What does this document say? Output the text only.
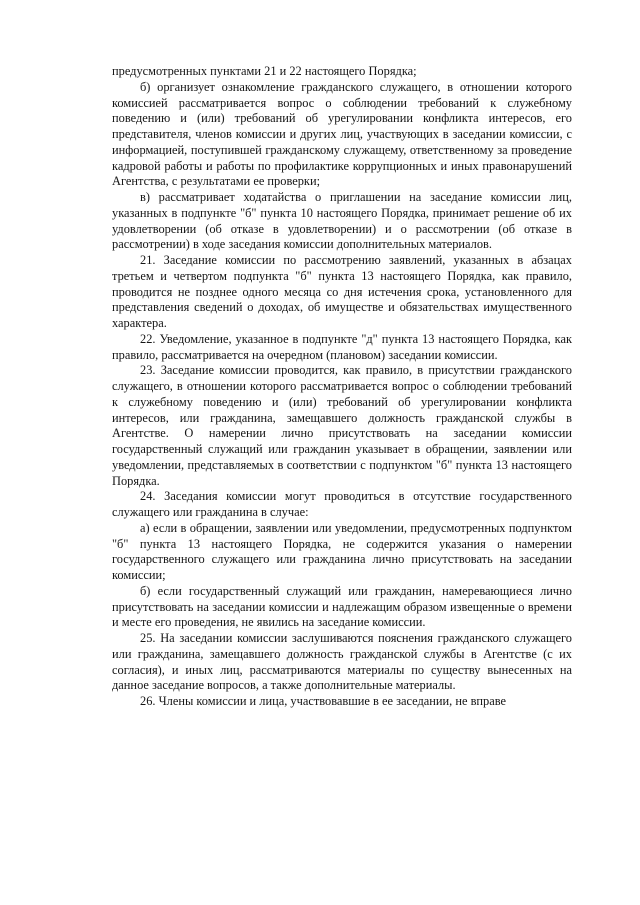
предусмотренных пунктами 21 и 22 настоящего Порядка;

б) организует ознакомление гражданского служащего, в отношении которого комиссией рассматривается вопрос о соблюдении требований к служебному поведению и (или) требований об урегулировании конфликта интересов, его представителя, членов комиссии и других лиц, участвующих в заседании комиссии, с информацией, поступившей гражданскому служащему, ответственному за проведение кадровой работы и работы по профилактике коррупционных и иных правонарушений Агентства, с результатами ее проверки;

в) рассматривает ходатайства о приглашении на заседание комиссии лиц, указанных в подпункте "б" пункта 10 настоящего Порядка, принимает решение об их удовлетворении (об отказе в удовлетворении) и о рассмотрении (об отказе в рассмотрении) в ходе заседания комиссии дополнительных материалов.

21. Заседание комиссии по рассмотрению заявлений, указанных в абзацах третьем и четвертом подпункта "б" пункта 13 настоящего Порядка, как правило, проводится не позднее одного месяца со дня истечения срока, установленного для представления сведений о доходах, об имуществе и обязательствах имущественного характера.

22. Уведомление, указанное в подпункте "д" пункта 13 настоящего Порядка, как правило, рассматривается на очередном (плановом) заседании комиссии.

23. Заседание комиссии проводится, как правило, в присутствии гражданского служащего, в отношении которого рассматривается вопрос о соблюдении требований к служебному поведению и (или) требований об урегулировании конфликта интересов, или гражданина, замещавшего должность гражданской службы в Агентстве. О намерении лично присутствовать на заседании комиссии государственный служащий или гражданин указывает в обращении, заявлении или уведомлении, представляемых в соответствии с подпунктом "б" пункта 13 настоящего Порядка.

24. Заседания комиссии могут проводиться в отсутствие государственного служащего или гражданина в случае:

а) если в обращении, заявлении или уведомлении, предусмотренных подпунктом "б" пункта 13 настоящего Порядка, не содержится указания о намерении государственного служащего или гражданина лично присутствовать на заседании комиссии;

б) если государственный служащий или гражданин, намеревающиеся лично присутствовать на заседании комиссии и надлежащим образом извещенные о времени и месте его проведения, не явились на заседание комиссии.

25. На заседании комиссии заслушиваются пояснения гражданского служащего или гражданина, замещавшего должность гражданской службы в Агентстве (с их согласия), и иных лиц, рассматриваются материалы по существу вынесенных на данное заседание вопросов, а также дополнительные материалы.

26. Члены комиссии и лица, участвовавшие в ее заседании, не вправе
